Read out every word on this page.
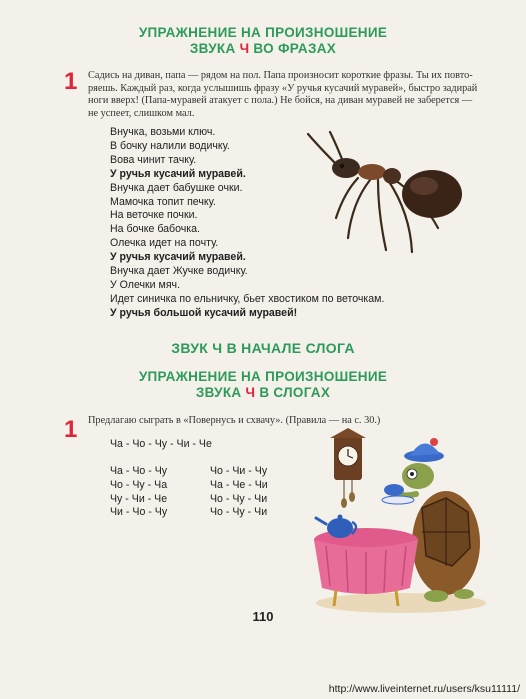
УПРАЖНЕНИЕ НА ПРОИЗНОШЕНИЕ
ЗВУКА Ч ВО ФРАЗАХ
1 Садись на диван, папа — рядом на пол. Папа произносит короткие фразы. Ты их повто-
ряешь. Каждый раз, когда услышишь фразу «У ручья кусачий муравей», быстро задирай
ноги вверх! (Папа-муравей атакует с пола.) Не бойся, на диван муравей не заберется —
не успеет, слишком мал.
Внучка, возьми ключ.
В бочку налили водичку.
Вова чинит тачку.
У ручья кусачий муравей.
Внучка дает бабушке очки.
Мамочка топит печку.
На веточке почки.
На бочке бабочка.
Олечка идет на почту.
У ручья кусачий муравей.
Внучка дает Жучке водичку.
У Олечки мяч.
Идет синичка по ельничку, бьет хвостиком по веточкам.
У ручья большой кусачий муравей!
ЗВУК Ч В НАЧАЛЕ СЛОГА
УПРАЖНЕНИЕ НА ПРОИЗНОШЕНИЕ
ЗВУКА Ч В СЛОГАХ
1 Предлагаю сыграть в «Повернусь и схвачу». (Правила — на с. 30.)
Ча - Чо - Чу - Чи - Че
Ча - Чо - Чу
Чо - Чу - Ча
Чу - Чи - Че
Чи - Чо - Чу
Чо - Чи - Чу
Ча - Че - Чи
Чо - Чу - Чи
Чо - Чу - Чи
110
http://www.liveinternet.ru/users/ksu11111/
